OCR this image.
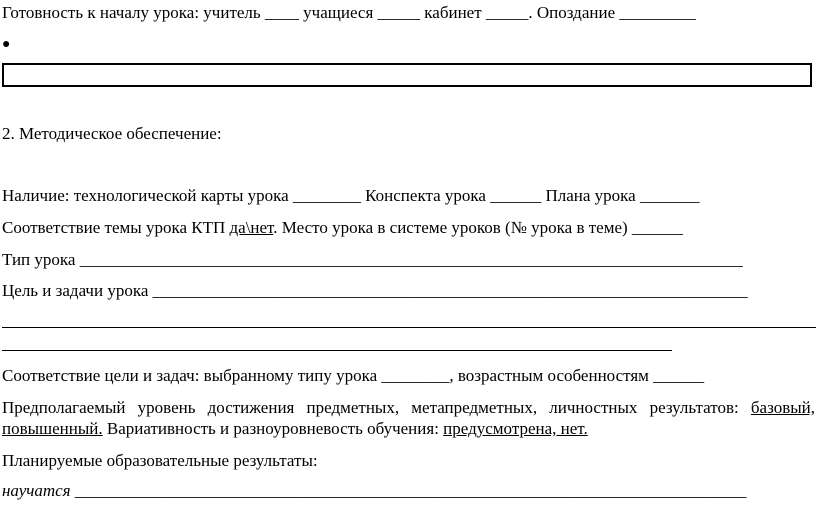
Готовность к началу урока: учитель ____ учащиеся _____ кабинет _____. Опоздание _________
●
2. Методическое обеспечение:
Наличие: технологической карты урока ________ Конспекта урока ______ Плана урока _______
Соответствие темы урока КТП да\нет. Место урока в системе уроков (№ урока в теме) ______
Тип урока ______________________________________________________________________________
Цель и задачи урока ______________________________________________________________________
Соответствие цели и задач: выбранному типу урока ________, возрастным особенностям ______
Предполагаемый уровень достижения предметных, метапредметных, личностных результатов: базовый, повышенный. Вариативность и разноуровневость обучения: предусмотрена, нет.
Планируемые образовательные результаты:
научатся _______________________________________________________________________________
